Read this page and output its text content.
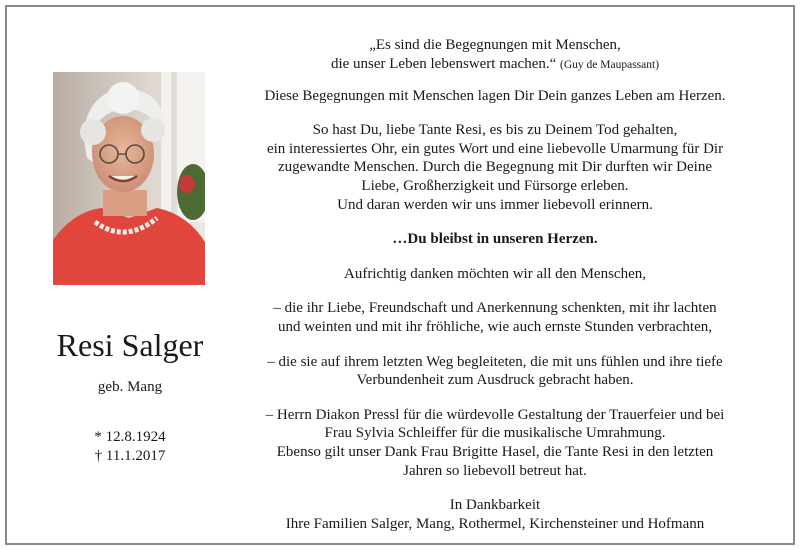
Resi Salger
geb. Mang
* 12.8.1924
† 11.1.2017

„Es sind die Begegnungen mit Menschen,
die unser Leben lebenswert machen.“ (Guy de Maupassant)

Diese Begegnungen mit Menschen lagen Dir Dein ganzes Leben am Herzen.

So hast Du, liebe Tante Resi, es bis zu Deinem Tod gehalten,
ein interessiertes Ohr, ein gutes Wort und eine liebevolle Umarmung für Dir
zugewandte Menschen. Durch die Begegnung mit Dir durften wir Deine
Liebe, Großherzigkeit und Fürsorge erleben.
Und daran werden wir uns immer liebevoll erinnern.

…Du bleibst in unseren Herzen.

Aufrichtig danken möchten wir all den Menschen,

– die ihr Liebe, Freundschaft und Anerkennung schenkten, mit ihr lachten
und weinten und mit ihr fröhliche, wie auch ernste Stunden verbrachten,

– die sie auf ihrem letzten Weg begleiteten, die mit uns fühlen und ihre tiefe
Verbundenheit zum Ausdruck gebracht haben.

– Herrn Diakon Pressl für die würdevolle Gestaltung der Trauerfeier und bei
Frau Sylvia Schleiffer für die musikalische Umrahmung.
Ebenso gilt unser Dank Frau Brigitte Hasel, die Tante Resi in den letzten
Jahren so liebevoll betreut hat.

In Dankbarkeit
Ihre Familien Salger, Mang, Rothermel, Kirchensteiner und Hofmann
